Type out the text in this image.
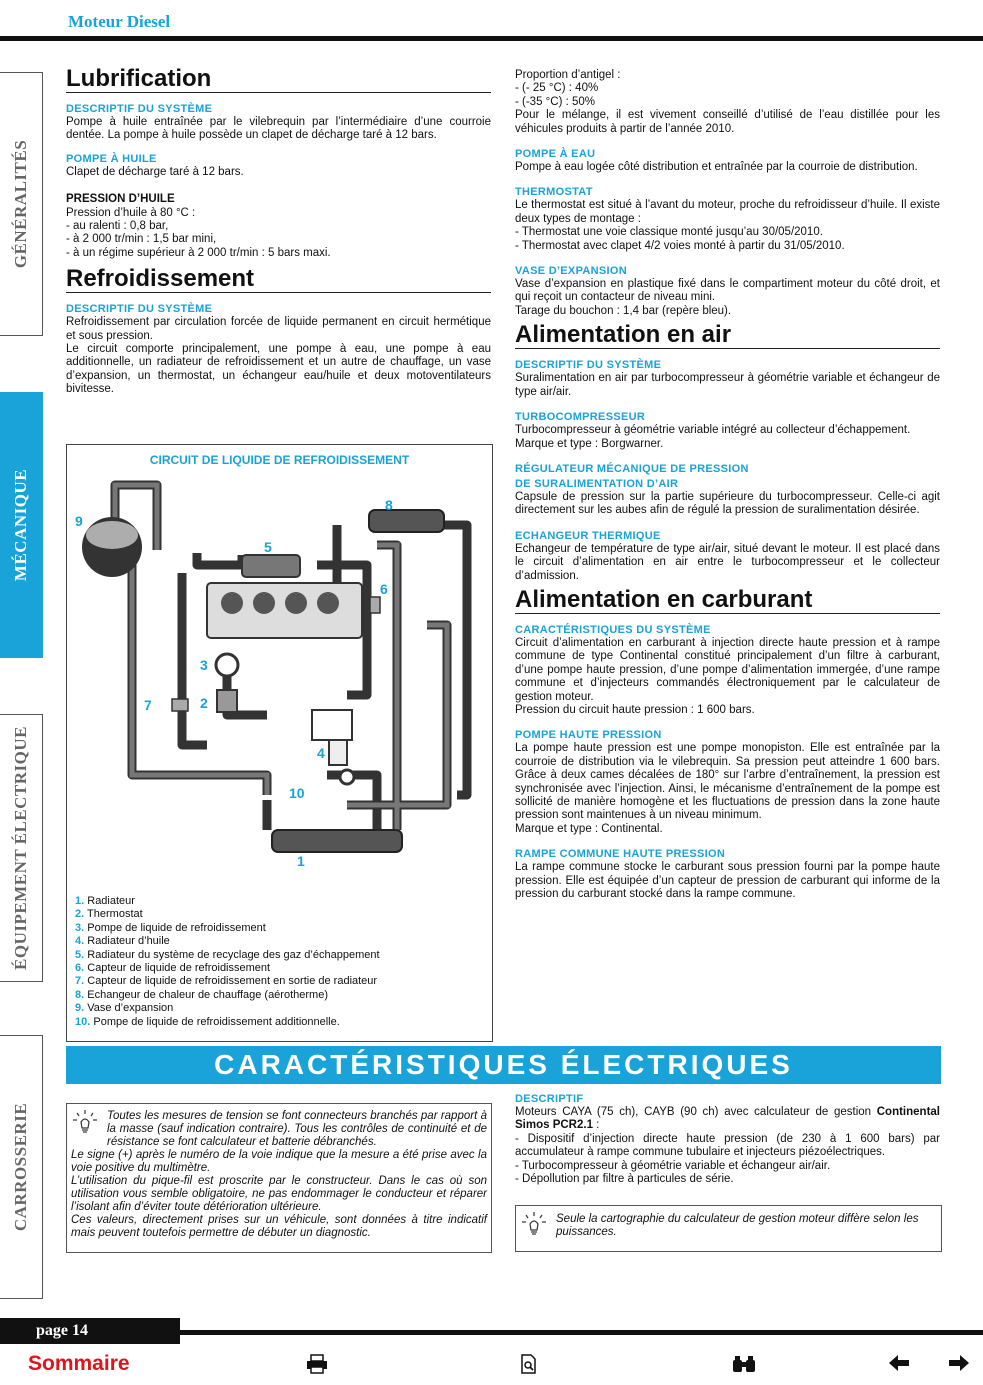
Moteur Diesel
GÉNÉRALITÉS
MÉCANIQUE
ÉQUIPEMENT ÉLECTRIQUE
CARROSSERIE
Lubrification
DESCRIPTIF DU SYSTÈME

Pompe à huile entraînée par le vilebrequin par l’intermédiaire d’une courroie dentée. La pompe à huile possède un clapet de décharge taré à 12 bars.

POMPE À HUILE

Clapet de décharge taré à 12 bars.

PRESSION D’HUILE

Pression d’huile à 80 °C :

- au ralenti : 0,8 bar,

- à 2 000 tr/min : 1,5 bar mini,

- à un régime supérieur à 2 000 tr/min : 5 bars maxi.

Refroidissement
DESCRIPTIF DU SYSTÈME

Refroidissement par circulation forcée de liquide permanent en circuit hermétique et sous pression.

Le circuit comporte principalement, une pompe à eau, une pompe à eau additionnelle, un radiateur de refroidissement et un autre de chauffage, un vase d’expansion, un thermostat, un échangeur eau/huile et deux motoventilateurs bivitesse.

CIRCUIT DE LIQUIDE DE REFROIDISSEMENT
1
2
3
4
5
6
7
8
9
10
1. Radiateur
2. Thermostat
3. Pompe de liquide de refroidissement
4. Radiateur d’huile
5. Radiateur du système de recyclage des gaz d’échappement
6. Capteur de liquide de refroidissement
7. Capteur de liquide de refroidissement en sortie de radiateur
8. Echangeur de chaleur de chauffage (aérotherme)
9. Vase d’expansion
10. Pompe de liquide de refroidissement additionnelle.

Proportion d’antigel :

- (- 25 °C) : 40%

- (-35 °C) : 50%

Pour le mélange, il est vivement conseillé d’utilisé de l’eau distillée pour les véhicules produits à partir de l’année 2010.

POMPE À EAU

Pompe à eau logée côté distribution et entraînée par la courroie de distribution.

THERMOSTAT

Le thermostat est situé à l’avant du moteur, proche du refroidisseur d’huile. Il existe deux types de montage :

- Thermostat une voie classique monté jusqu’au 30/05/2010.

- Thermostat avec clapet 4/2 voies monté à partir du 31/05/2010.

VASE D’EXPANSION

Vase d’expansion en plastique fixé dans le compartiment moteur du côté droit, et qui reçoit un contacteur de niveau mini.

Tarage du bouchon : 1,4 bar (repère bleu).

Alimentation en air
DESCRIPTIF DU SYSTÈME

Suralimentation en air par turbocompresseur à géométrie variable et échangeur de type air/air.

TURBOCOMPRESSEUR

Turbocompresseur à géométrie variable intégré au collecteur d’échappement.

Marque et type : Borgwarner.

RÉGULATEUR MÉCANIQUE DE PRESSION
DE SURALIMENTATION D’AIR

Capsule de pression sur la partie supérieure du turbocompresseur. Celle-ci agit directement sur les aubes afin de régulé la pression de suralimentation désirée.

ECHANGEUR THERMIQUE

Echangeur de température de type air/air, situé devant le moteur. Il est placé dans le circuit d’alimentation en air entre le turbocompresseur et le collecteur d’admission.

Alimentation en carburant
CARACTÉRISTIQUES DU SYSTÈME

Circuit d’alimentation en carburant à injection directe haute pression et à rampe commune de type Continental constitué principalement d’un filtre à carburant, d’une pompe haute pression, d’une pompe d’alimentation immergée, d’une rampe commune et d’injecteurs commandés électroniquement par le calculateur de gestion moteur.

Pression du circuit haute pression : 1 600 bars.

POMPE HAUTE PRESSION

La pompe haute pression est une pompe monopiston. Elle est entraînée par la courroie de distribution via le vilebrequin. Sa pression peut atteindre 1 600 bars. Grâce à deux cames décalées de 180° sur l’arbre d’entraînement, la pression est synchronisée avec l’injection. Ainsi, le mécanisme d’entraînement de la pompe est sollicité de manière homogène et les fluctuations de pression dans la zone haute pression sont maintenues à un niveau minimum.

Marque et type : Continental.

RAMPE COMMUNE HAUTE PRESSION

La rampe commune stocke le carburant sous pression fourni par la pompe haute pression. Elle est équipée d’un capteur de pression de carburant qui informe de la pression du carburant stocké dans la rampe commune.

CARACTÉRISTIQUES ÉLECTRIQUES

Toutes les mesures de tension se font connecteurs branchés par rapport à la masse (sauf indication contraire). Tous les contrôles de continuité et de résistance se font calculateur et batterie débranchés.

Le signe (+) après le numéro de la voie indique que la mesure a été prise avec la voie positive du multimètre.

L’utilisation du pique-fil est proscrite par le constructeur. Dans le cas où son utilisation vous semble obligatoire, ne pas endommager le conducteur et réparer l’isolant afin d’éviter toute détérioration ultérieure.

Ces valeurs, directement prises sur un véhicule, sont données à titre indicatif mais peuvent toutefois permettre de débuter un diagnostic.

DESCRIPTIF

Moteurs CAYA (75 ch), CAYB (90 ch) avec calculateur de gestion Continental Simos PCR2.1 :

- Dispositif d’injection directe haute pression (de 230 à 1 600 bars) par accumulateur à rampe commune tubulaire et injecteurs piézoélectriques.

- Turbocompresseur à géométrie variable et échangeur air/air.

- Dépollution par filtre à particules de série.

Seule la cartographie du calculateur de gestion moteur diffère selon les puissances.

page 14
Sommaire
